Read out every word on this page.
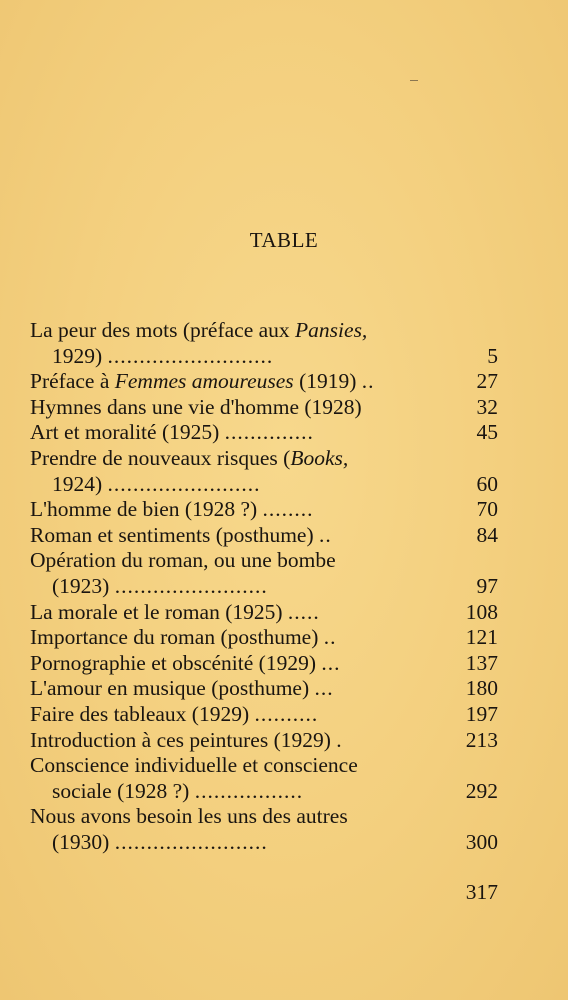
TABLE
La peur des mots (préface aux Pansies,
1929) ..........................	5
Préface à Femmes amoureuses (1919) ..	27
Hymnes dans une vie d'homme (1928)	32
Art et moralité (1925) ..............	45
Prendre de nouveaux risques (Books,
1924) ........................	60
L'homme de bien (1928 ?) ........	70
Roman et sentiments (posthume) ..	84
Opération du roman, ou une bombe
(1923) ........................	97
La morale et le roman (1925) .....	108
Importance du roman (posthume) ..	121
Pornographie et obscénité (1929) ...	137
L'amour en musique (posthume) ...	180
Faire des tableaux (1929) ..........	197
Introduction à ces peintures (1929) .	213
Conscience individuelle et conscience
sociale (1928 ?) .................	292
Nous avons besoin les uns des autres
(1930) ........................	300
317
